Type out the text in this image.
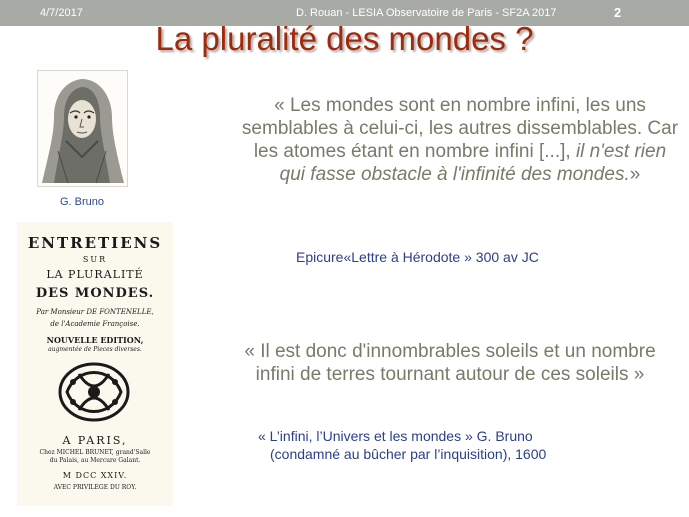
4/7/2017	D. Rouan - LESIA Observatoire de Paris - SF2A 2017	2
La pluralité des mondes ?
G. Bruno
« Les mondes sont en nombre infini, les uns semblables à celui-ci, les autres dissemblables. Car les atomes étant en nombre infini [...], il n'est rien qui fasse obstacle à l'infinité des mondes.»
Epicure«Lettre à Hérodote » 300 av JC
« Il est donc d'innombrables soleils et un nombre infini de terres tournant autour de ces soleils »
« L’infini, l’Univers et les mondes » G. Bruno
(condamné au bûcher par l’inquisition), 1600
ENTRETIENS
SUR
LA PLURALITÉ
DES MONDES.
Par Monsieur DE FONTENELLE,
de l'Academie Françoise.
NOUVELLE EDITION,
augmentée de Pieces diverses.
A PARIS,
Chez MICHEL BRUNET, grand'Salle
du Palais, au Mercure Galant.
M DCC XXIV.
AVEC PRIVILEGE DU ROY.
